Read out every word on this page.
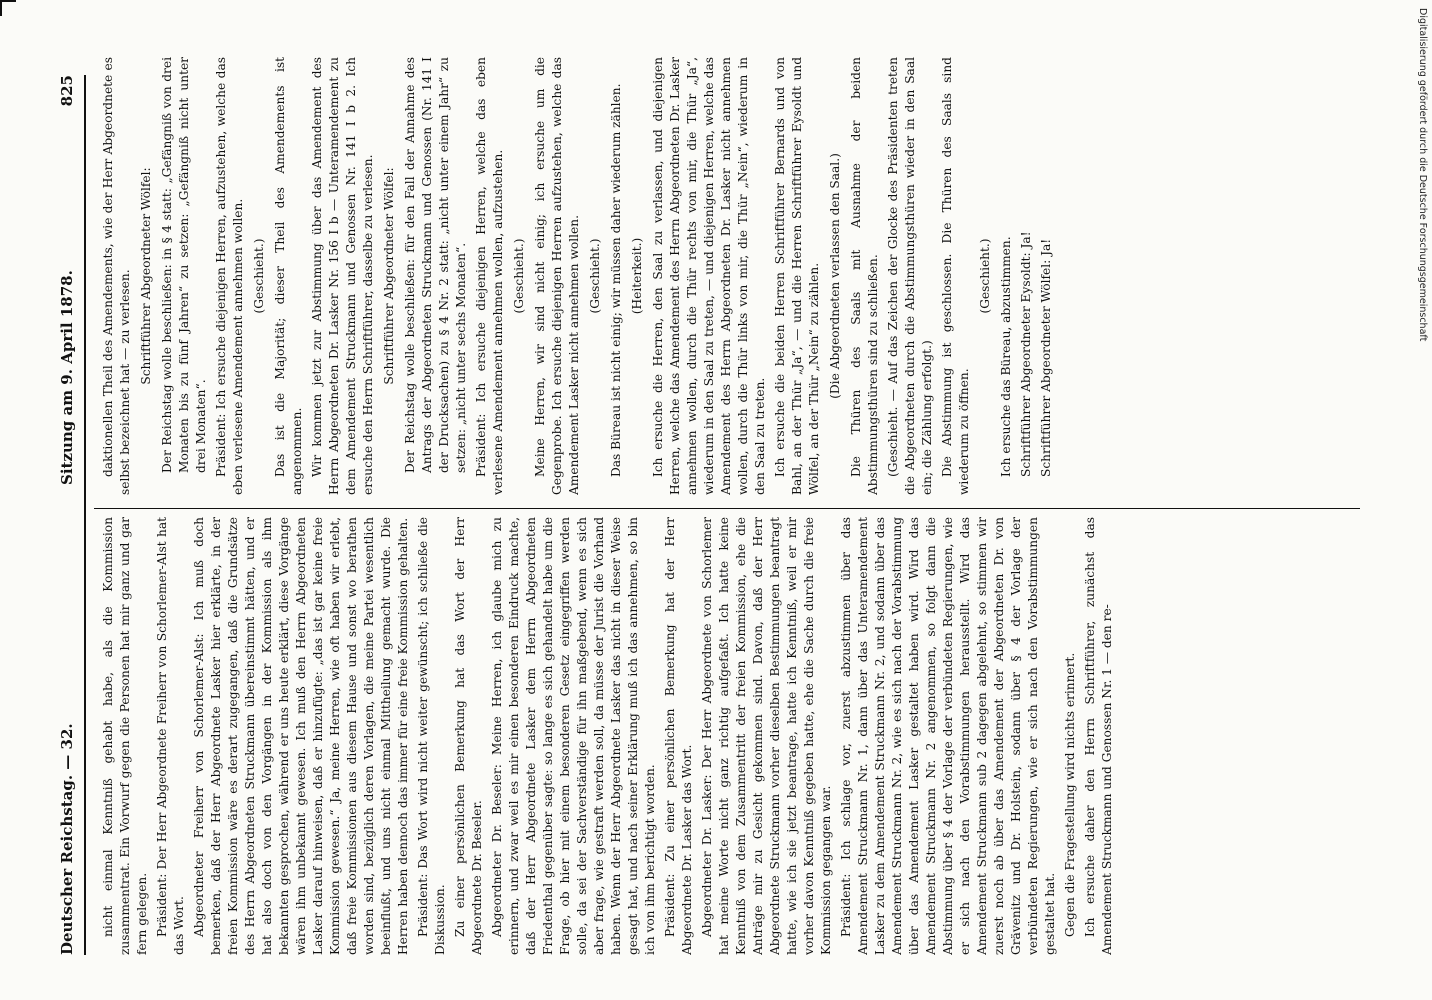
Deutscher Reichstag. — 32.
Sitzung am 9. April 1878.
825

nicht einmal Kenntniß gehabt habe, als die Kommission zusammentrat. Ein Vorwurf gegen die Personen hat mir ganz und gar fern gelegen. Präsident: Der Herr Abgeordnete Freiherr von Schorlemer-Alst hat das Wort. Abgeordneter Freiherr von Schorlemer-Alst: Ich muß doch bemerken, daß der Herr Abgeordnete Lasker hier erklärte, in der freien Kommission wäre es derart zugegangen, daß die Grundsätze des Herrn Abgeordneten Struckmann übereinstimmt hätten, und er hat also doch von den Vorgängen in der Kommission als ihm bekannten gesprochen, während er uns heute erklärt, diese Vorgänge wären ihm unbekannt gewesen. Ich muß den Herrn Abgeordneten Lasker darauf hinweisen, daß er hinzufügte: „das ist gar keine freie Kommission gewesen.“ Ja, meine Herren, wie oft haben wir erlebt, daß freie Kommissionen aus diesem Hause und sonst wo berathen worden sind, bezüglich deren Vorlagen, die meine Partei wesentlich beeinflußt, und uns nicht einmal Mittheilung gemacht wurde. Die Herren haben dennoch das immer für eine freie Kommission gehalten. Präsident: Das Wort wird nicht weiter gewünscht; ich schließe die Diskussion. Zu einer persönlichen Bemerkung hat das Wort der Herr Abgeordnete Dr. Beseler. Abgeordneter Dr. Beseler: Meine Herren, ich glaube mich zu erinnern, und zwar weil es mir einen besonderen Eindruck machte, daß der Herr Abgeordnete Lasker dem Herrn Abgeordneten Friedenthal gegenüber sagte: so lange es sich gehandelt habe um die Frage, ob hier mit einem besonderen Gesetz eingegriffen werden solle, da sei der Sachverständige für ihn maßgebend, wenn es sich aber frage, wie gestraft werden soll, da müsse der Jurist die Vorhand haben. Wenn der Herr Abgeordnete Lasker das nicht in dieser Weise gesagt hat, und nach seiner Erklärung muß ich das annehmen, so bin ich von ihm berichtigt worden. Präsident: Zu einer persönlichen Bemerkung hat der Herr Abgeordnete Dr. Lasker das Wort. Abgeordneter Dr. Lasker: Der Herr Abgeordnete von Schorlemer hat meine Worte nicht ganz richtig aufgefaßt. Ich hatte keine Kenntniß von dem Zusammentritt der freien Kommission, ehe die Anträge mir zu Gesicht gekommen sind. Davon, daß der Herr Abgeordnete Struckmann vorher dieselben Bestimmungen beantragt hatte, wie ich sie jetzt beantrage, hatte ich Kenntniß, weil er mir vorher davon Kenntniß gegeben hatte, ehe die Sache durch die freie Kommission gegangen war. Präsident: Ich schlage vor, zuerst abzustimmen über das Amendement Struckmann Nr. 1, dann über das Unteramendement Lasker zu dem Amendement Struckmann Nr. 2, und sodann über das Amendement Struckmann Nr. 2, wie es sich nach der Vorabstimmung über das Amendement Lasker gestaltet haben wird. Wird das Amendement Struckmann Nr. 2 angenommen, so folgt dann die Abstimmung über § 4 der Vorlage der verbündeten Regierungen, wie er sich nach den Vorabstimmungen herausstellt. Wird das Amendement Struckmann sub 2 dagegen abgelehnt, so stimmen wir zuerst noch ab über das Amendement der Abgeordneten Dr. von Grävenitz und Dr. Holstein, sodann über § 4 der Vorlage der verbündeten Regierungen, wie er sich nach den Vorabstimmungen gestaltet hat. Gegen die Fragestellung wird nichts erinnert. Ich ersuche daher den Herrn Schriftführer, zunächst das Amendement Struckmann und Genossen Nr. 1 — den re-

daktionellen Theil des Amendements, wie der Herr Abgeordnete es selbst bezeichnet hat — zu verlesen. Schriftführer Abgeordneter Wölfel: Der Reichstag wolle beschließen: in § 4 statt: „Gefängniß von drei Monaten bis zu fünf Jahren“ zu setzen: „Gefängniß nicht unter drei Monaten“. Präsident: Ich ersuche diejenigen Herren, aufzustehen, welche das eben verlesene Amendement annehmen wollen. (Geschieht.) Das ist die Majorität; dieser Theil des Amendements ist angenommen. Wir kommen jetzt zur Abstimmung über das Amendement des Herrn Abgeordneten Dr. Lasker Nr. 156 I b — Unteramendement zu dem Amendement Struckmann und Genossen Nr. 141 I b 2. Ich ersuche den Herrn Schriftführer, dasselbe zu verlesen. Schriftführer Abgeordneter Wölfel: Der Reichstag wolle beschließen: für den Fall der Annahme des Antrags der Abgeordneten Struckmann und Genossen (Nr. 141 I der Drucksachen) zu § 4 Nr. 2 statt: „nicht unter einem Jahr“ zu setzen: „nicht unter sechs Monaten“. Präsident: Ich ersuche diejenigen Herren, welche das eben verlesene Amendement annehmen wollen, aufzustehen. (Geschieht.) Meine Herren, wir sind nicht einig; ich ersuche um die Gegenprobe. Ich ersuche diejenigen Herren aufzustehen, welche das Amendement Lasker nicht annehmen wollen. (Geschieht.) Das Büreau ist nicht einig; wir müssen daher wiederum zählen. (Heiterkeit.) Ich ersuche die Herren, den Saal zu verlassen, und diejenigen Herren, welche das Amendement des Herrn Abgeordneten Dr. Lasker annehmen wollen, durch die Thür rechts von mir, die Thür „Ja“, wiederum in den Saal zu treten, — und diejenigen Herren, welche das Amendement des Herrn Abgeordneten Dr. Lasker nicht annehmen wollen, durch die Thür links von mir, die Thür „Nein“, wiederum in den Saal zu treten. Ich ersuche die beiden Herren Schriftführer Bernards und von Bahl, an der Thür „Ja“, — und die Herren Schriftführer Eysoldt und Wölfel, an der Thür „Nein“ zu zählen. (Die Abgeordneten verlassen den Saal.) Die Thüren des Saals mit Ausnahme der beiden Abstimmungsthüren sind zu schließen. (Geschieht. — Auf das Zeichen der Glocke des Präsidenten treten die Abgeordneten durch die Abstimmungsthüren wieder in den Saal ein; die Zählung erfolgt.) Die Abstimmung ist geschlossen. Die Thüren des Saals sind wiederum zu öffnen.

(Geschieht.) Ich ersuche das Büreau, abzustimmen. Schriftführer Abgeordneter Eysoldt: Ja! Schriftführer Abgeordneter Wölfel: Ja!

Digitalisierung gefördert durch die Deutsche Forschungsgemeinschaft
